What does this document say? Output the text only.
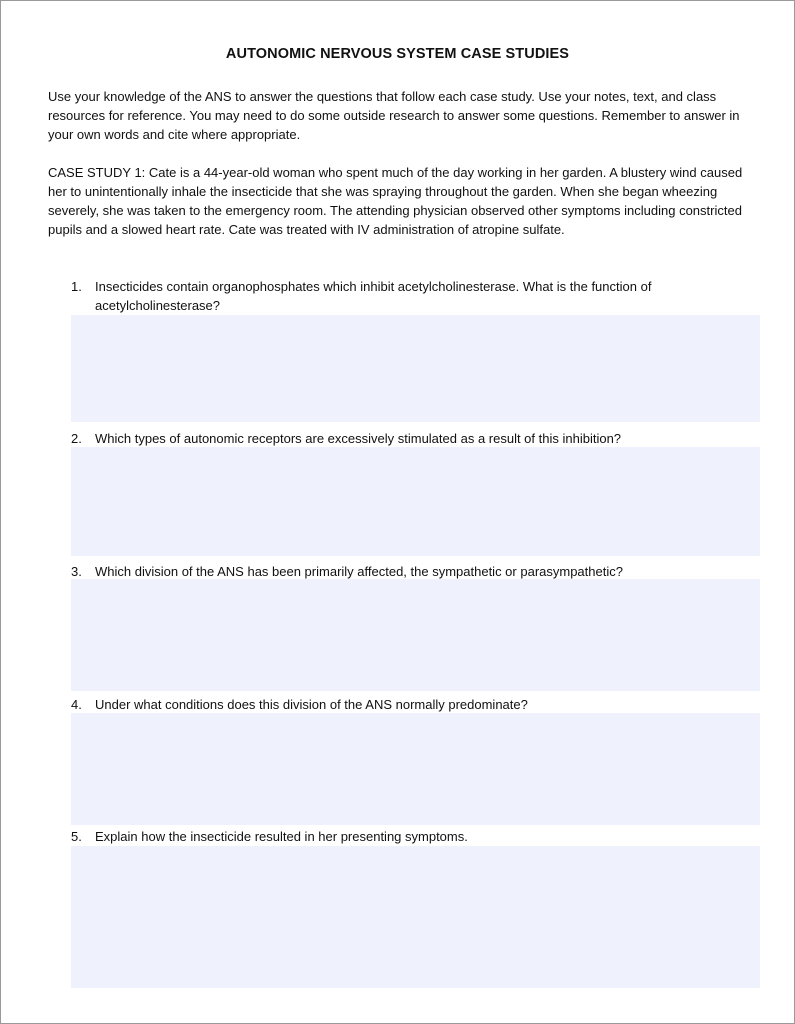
AUTONOMIC NERVOUS SYSTEM CASE STUDIES
Use your knowledge of the ANS to answer the questions that follow each case study. Use your notes, text, and class resources for reference. You may need to do some outside research to answer some questions. Remember to answer in your own words and cite where appropriate.
CASE STUDY 1: Cate is a 44-year-old woman who spent much of the day working in her garden. A blustery wind caused her to unintentionally inhale the insecticide that she was spraying throughout the garden. When she began wheezing severely, she was taken to the emergency room. The attending physician observed other symptoms including constricted pupils and a slowed heart rate. Cate was treated with IV administration of atropine sulfate.
1.	Insecticides contain organophosphates which inhibit acetylcholinesterase. What is the function of acetylcholinesterase?
2.	Which types of autonomic receptors are excessively stimulated as a result of this inhibition?
3.	Which division of the ANS has been primarily affected, the sympathetic or parasympathetic?
4.	Under what conditions does this division of the ANS normally predominate?
5.	Explain how the insecticide resulted in her presenting symptoms.
